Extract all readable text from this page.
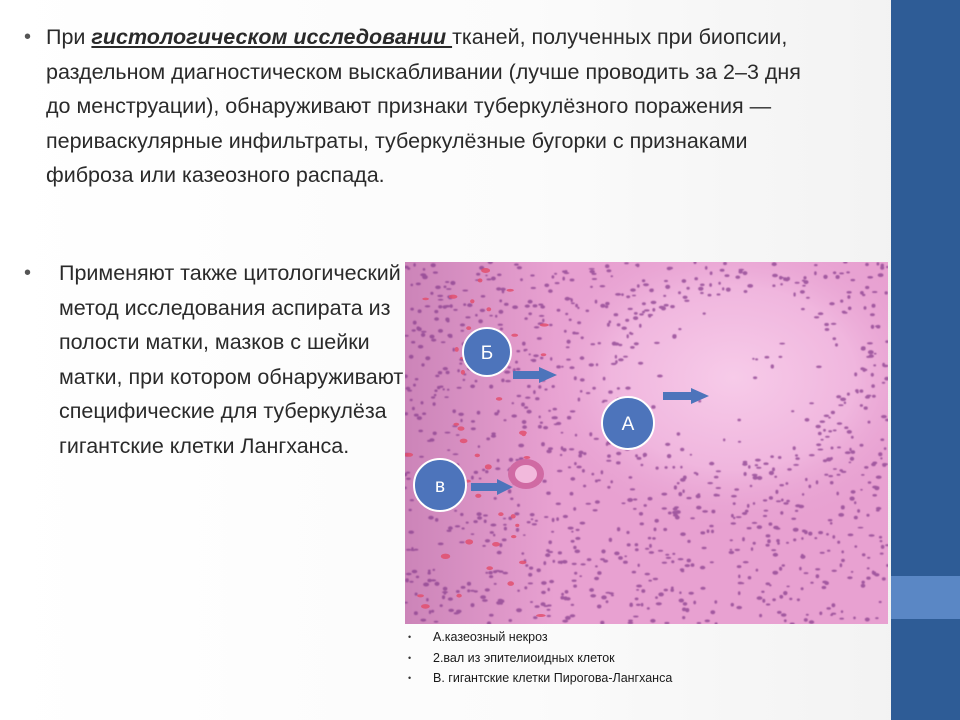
• При гистологическом исследовании тканей, полученных при биопсии, раздельном диагностическом выскабливании (лучше проводить за 2–3 дня до менструации), обнаруживают признаки туберкулёзного поражения — периваскулярные инфильтраты, туберкулёзные бугорки с признаками фиброза или казеозного распада.
• Применяют также цитологический метод исследования аспирата из полости матки, мазков с шейки матки, при котором обнаруживают специфические для туберкулёза гигантские клетки Лангханса.
Б
А
в
• А.казеозный некроз
• 2.вал из эпителиоидных клеток
• В. гигантские клетки Пирогова-Лангханса
